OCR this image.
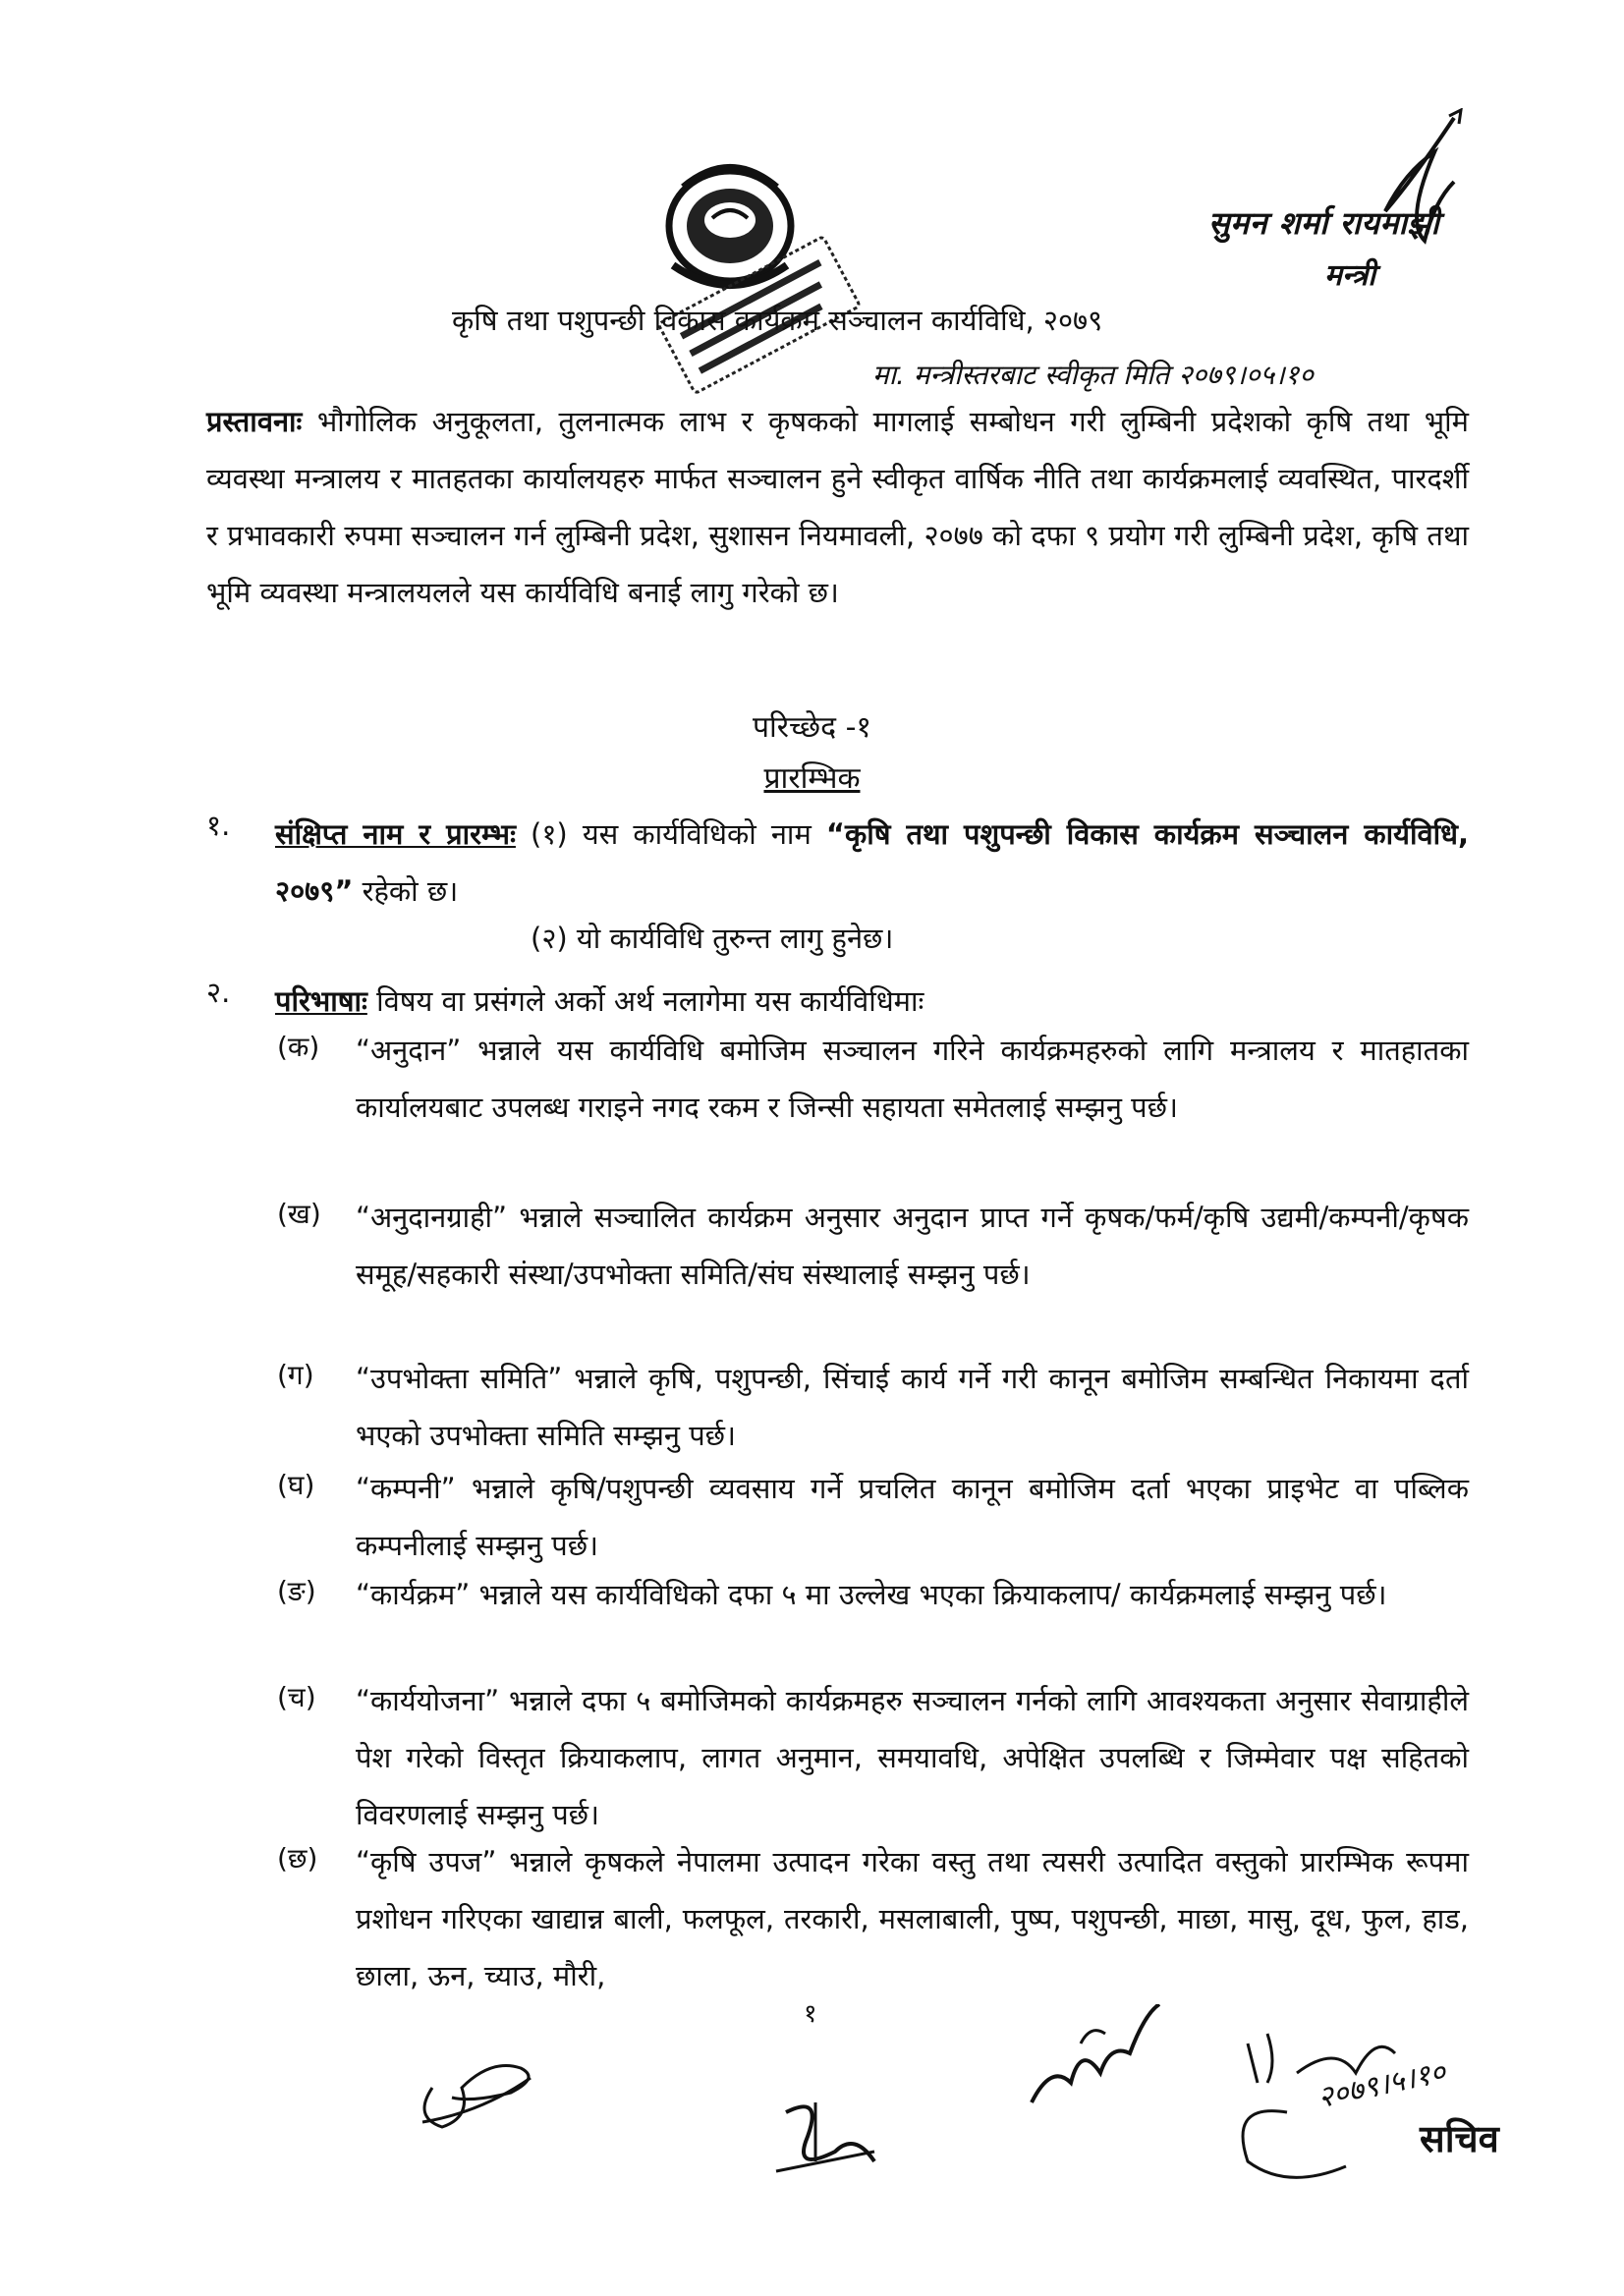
सुमन शर्मा रायमाझी
मन्त्री
कृषि तथा पशुपन्छी विकास कार्यक्रम सञ्चालन कार्यविधि, २०७९
मा. मन्त्रीस्तरबाट स्वीकृत मिति २०७९।०५।१०
प्रस्तावनाः भौगोलिक अनुकूलता, तुलनात्मक लाभ र कृषकको मागलाई सम्बोधन गरी लुम्बिनी प्रदेशको कृषि तथा भूमि व्यवस्था मन्त्रालय र मातहतका कार्यालयहरु मार्फत सञ्चालन हुने स्वीकृत वार्षिक नीति तथा कार्यक्रमलाई व्यवस्थित, पारदर्शी र प्रभावकारी रुपमा सञ्चालन गर्न लुम्बिनी प्रदेश, सुशासन नियमावली, २०७७ को दफा ९ प्रयोग गरी लुम्बिनी प्रदेश, कृषि तथा भूमि व्यवस्था मन्त्रालयलले यस कार्यविधि बनाई लागु गरेको छ।
परिच्छेद -१
प्रारम्भिक
१. संक्षिप्त नाम र प्रारम्भः (१) यस कार्यविधिको नाम “कृषि तथा पशुपन्छी विकास कार्यक्रम सञ्चालन कार्यविधि, २०७९” रहेको छ।
(२) यो कार्यविधि तुरुन्त लागु हुनेछ।
२. परिभाषाः विषय वा प्रसंगले अर्को अर्थ नलागेमा यस कार्यविधिमाः
(क) “अनुदान” भन्नाले यस कार्यविधि बमोजिम सञ्चालन गरिने कार्यक्रमहरुको लागि मन्त्रालय र मातहातका कार्यालयबाट उपलब्ध गराइने नगद रकम र जिन्सी सहायता समेतलाई सम्झनु पर्छ।
(ख) “अनुदानग्राही” भन्नाले सञ्चालित कार्यक्रम अनुसार अनुदान प्राप्त गर्ने कृषक/फर्म/कृषि उद्यमी/कम्पनी/कृषक समूह/सहकारी संस्था/उपभोक्ता समिति/संघ संस्थालाई सम्झनु पर्छ।
(ग) “उपभोक्ता समिति” भन्नाले कृषि, पशुपन्छी, सिंचाई कार्य गर्ने गरी कानून बमोजिम सम्बन्धित निकायमा दर्ता भएको उपभोक्ता समिति सम्झनु पर्छ।
(घ) “कम्पनी” भन्नाले कृषि/पशुपन्छी व्यवसाय गर्ने प्रचलित कानून बमोजिम दर्ता भएका प्राइभेट वा पब्लिक कम्पनीलाई सम्झनु पर्छ।
(ङ) “कार्यक्रम” भन्नाले यस कार्यविधिको दफा ५ मा उल्लेख भएका क्रियाकलाप/ कार्यक्रमलाई सम्झनु पर्छ।
(च) “कार्ययोजना” भन्नाले दफा ५ बमोजिमको कार्यक्रमहरु सञ्चालन गर्नको लागि आवश्यकता अनुसार सेवाग्राहीले पेश गरेको विस्तृत क्रियाकलाप, लागत अनुमान, समयावधि, अपेक्षित उपलब्धि र जिम्मेवार पक्ष सहितको विवरणलाई सम्झनु पर्छ।
(छ) “कृषि उपज” भन्नाले कृषकले नेपालमा उत्पादन गरेका वस्तु तथा त्यसरी उत्पादित वस्तुको प्रारम्भिक रूपमा प्रशोधन गरिएका खाद्यान्न बाली, फलफूल, तरकारी, मसलाबाली, पुष्प, पशुपन्छी, माछा, मासु, दूध, फुल, हाड, छाला, ऊन, च्याउ, मौरी,
१
२०७९।५।१०
सचिव
